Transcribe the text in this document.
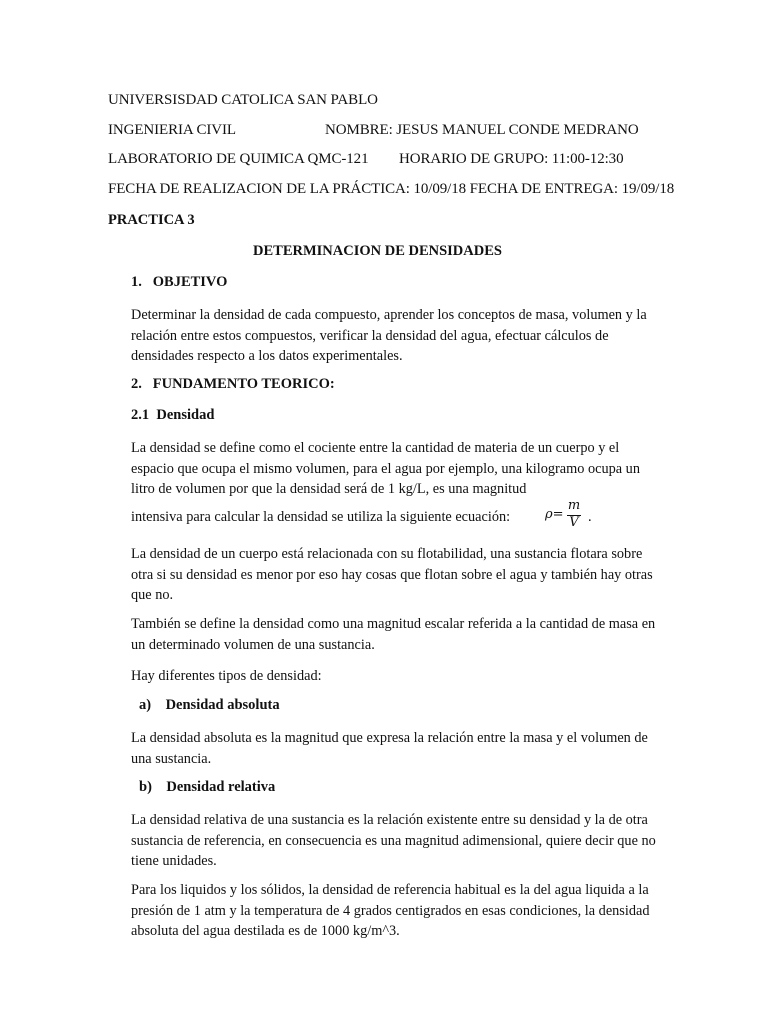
UNIVERSISDAD CATOLICA SAN PABLO
INGENIERIA CIVIL	NOMBRE: JESUS MANUEL CONDE MEDRANO
LABORATORIO DE QUIMICA QMC-121 HORARIO DE GRUPO: 11:00-12:30
FECHA DE REALIZACION DE LA PRÁCTICA: 10/09/18 FECHA DE ENTREGA: 19/09/18
PRACTICA 3
DETERMINACION DE DENSIDADES
1.   OBJETIVO
Determinar la densidad de cada compuesto, aprender los conceptos de masa, volumen y la relación entre estos compuestos, verificar la densidad del agua, efectuar cálculos de densidades respecto a los datos experimentales.
2.   FUNDAMENTO TEORICO:
2.1  Densidad
La densidad se define como el cociente entre la cantidad de materia de un cuerpo y el espacio que ocupa el mismo volumen, para el agua por ejemplo, una kilogramo ocupa un litro de volumen por que la densidad será de 1 kg/L, es una magnitud
intensiva para calcular la densidad se utiliza la siguiente ecuación:	ρ=
m
V .
La densidad de un cuerpo está relacionada con su flotabilidad, una sustancia flotara sobre otra si su densidad es menor por eso hay cosas que flotan sobre el agua y también hay otras que no.
También se define la densidad como una magnitud escalar referida a la cantidad de masa en un determinado volumen de una sustancia.
Hay diferentes tipos de densidad:
a)    Densidad absoluta
La densidad absoluta es la magnitud que expresa la relación entre la masa y el volumen de una sustancia.
b)    Densidad relativa
La densidad relativa de una sustancia es la relación existente entre su densidad y la de otra sustancia de referencia, en consecuencia es una magnitud adimensional, quiere decir que no tiene unidades.
Para los liquidos y los sólidos, la densidad de referencia habitual es la del agua liquida a la presión de 1 atm y la temperatura de 4 grados centigrados en esas condiciones, la densidad absoluta del agua destilada es de 1000 kg/m^3.
